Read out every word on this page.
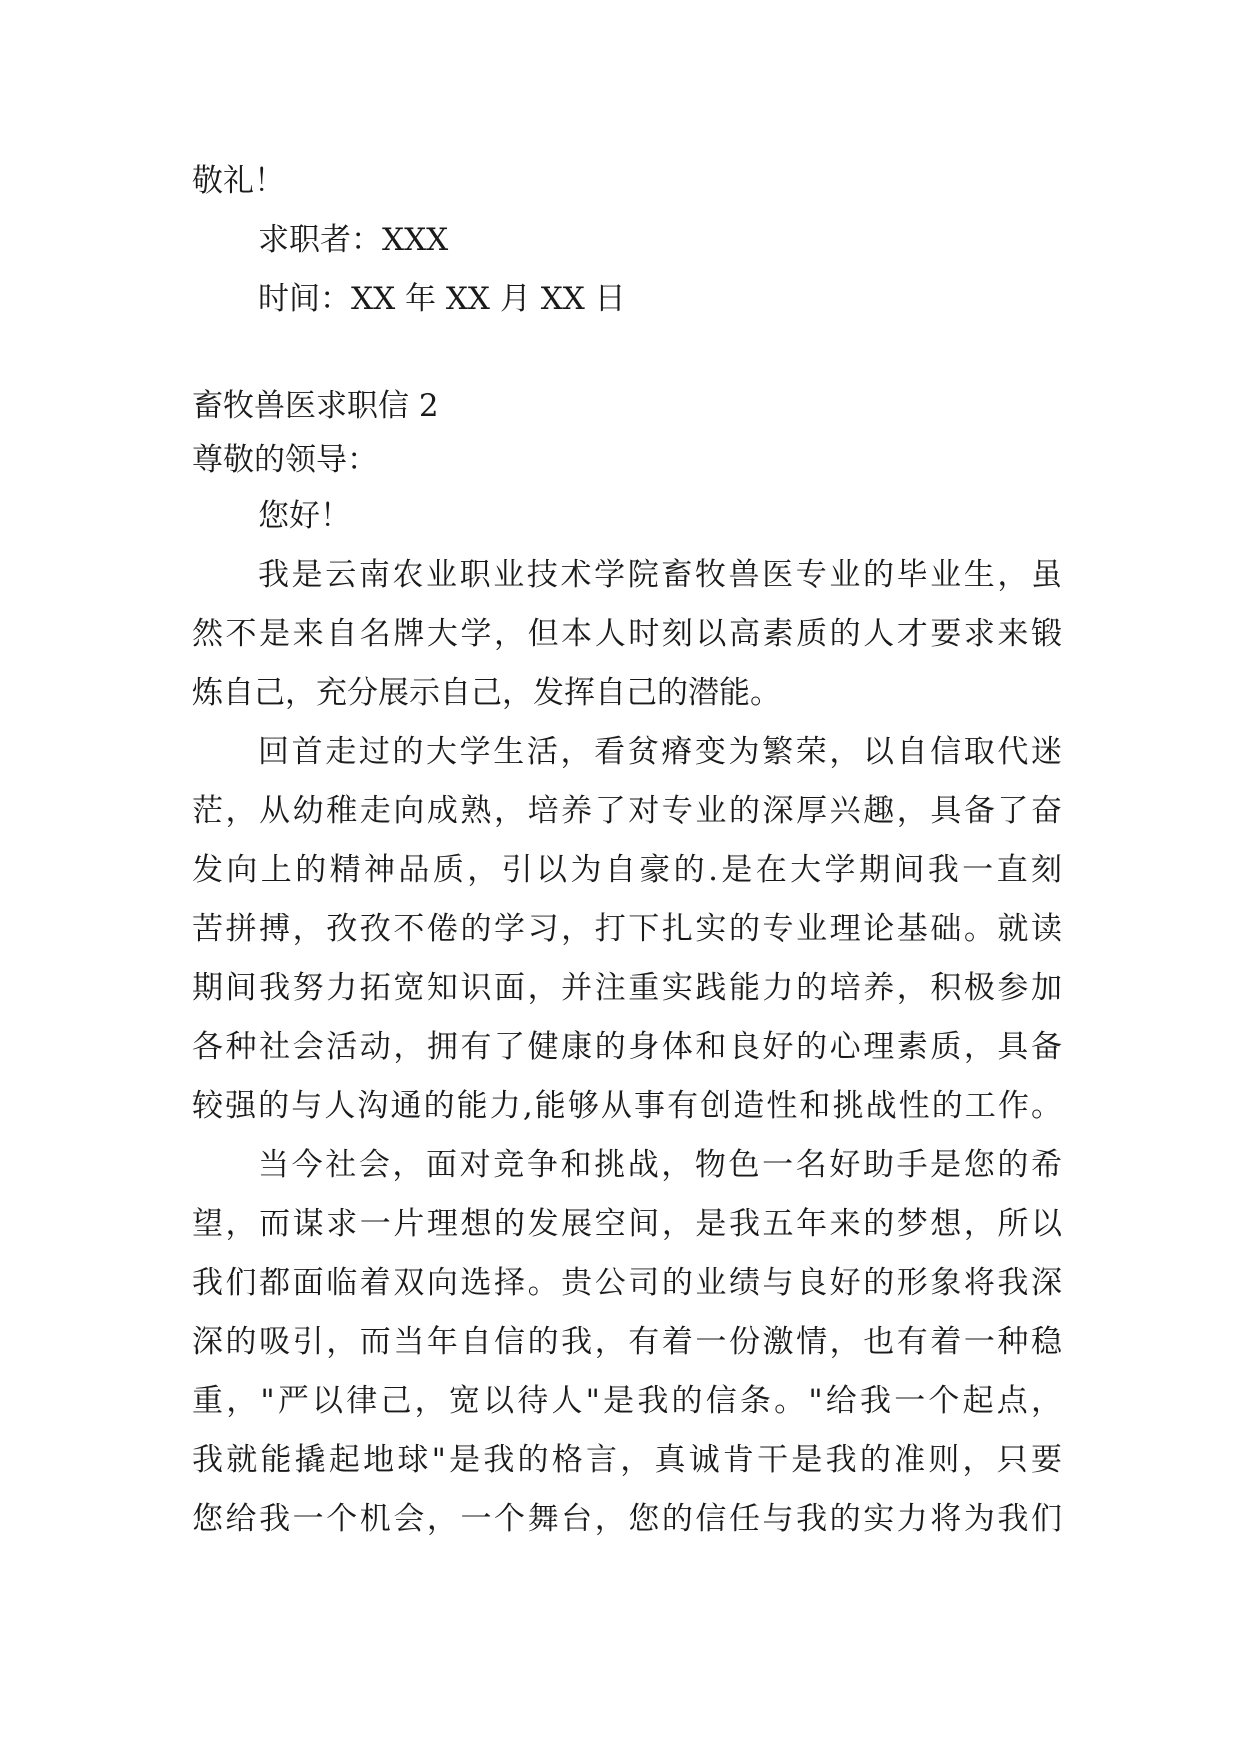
敬礼！
求职者：XXX
时间：XX 年 XX 月 XX 日
畜牧兽医求职信 2
尊敬的领导：
您好！
我是云南农业职业技术学院畜牧兽医专业的毕业生，虽
然不是来自名牌大学，但本人时刻以高素质的人才要求来锻
炼自己，充分展示自己，发挥自己的潜能。
回首走过的大学生活，看贫瘠变为繁荣，以自信取代迷
茫，从幼稚走向成熟，培养了对专业的深厚兴趣，具备了奋
发向上的精神品质，引以为自豪的.是在大学期间我一直刻
苦拼搏，孜孜不倦的学习，打下扎实的专业理论基础。就读
期间我努力拓宽知识面，并注重实践能力的培养，积极参加
各种社会活动，拥有了健康的身体和良好的心理素质，具备
较强的与人沟通的能力,能够从事有创造性和挑战性的工作。
当今社会，面对竞争和挑战，物色一名好助手是您的希
望，而谋求一片理想的发展空间，是我五年来的梦想，所以
我们都面临着双向选择。贵公司的业绩与良好的形象将我深
深的吸引，而当年自信的我，有着一份激情，也有着一种稳
重，"严以律己，宽以待人"是我的信条。"给我一个起点，
我就能撬起地球"是我的格言，真诚肯干是我的准则，只要
您给我一个机会，一个舞台，您的信任与我的实力将为我们
